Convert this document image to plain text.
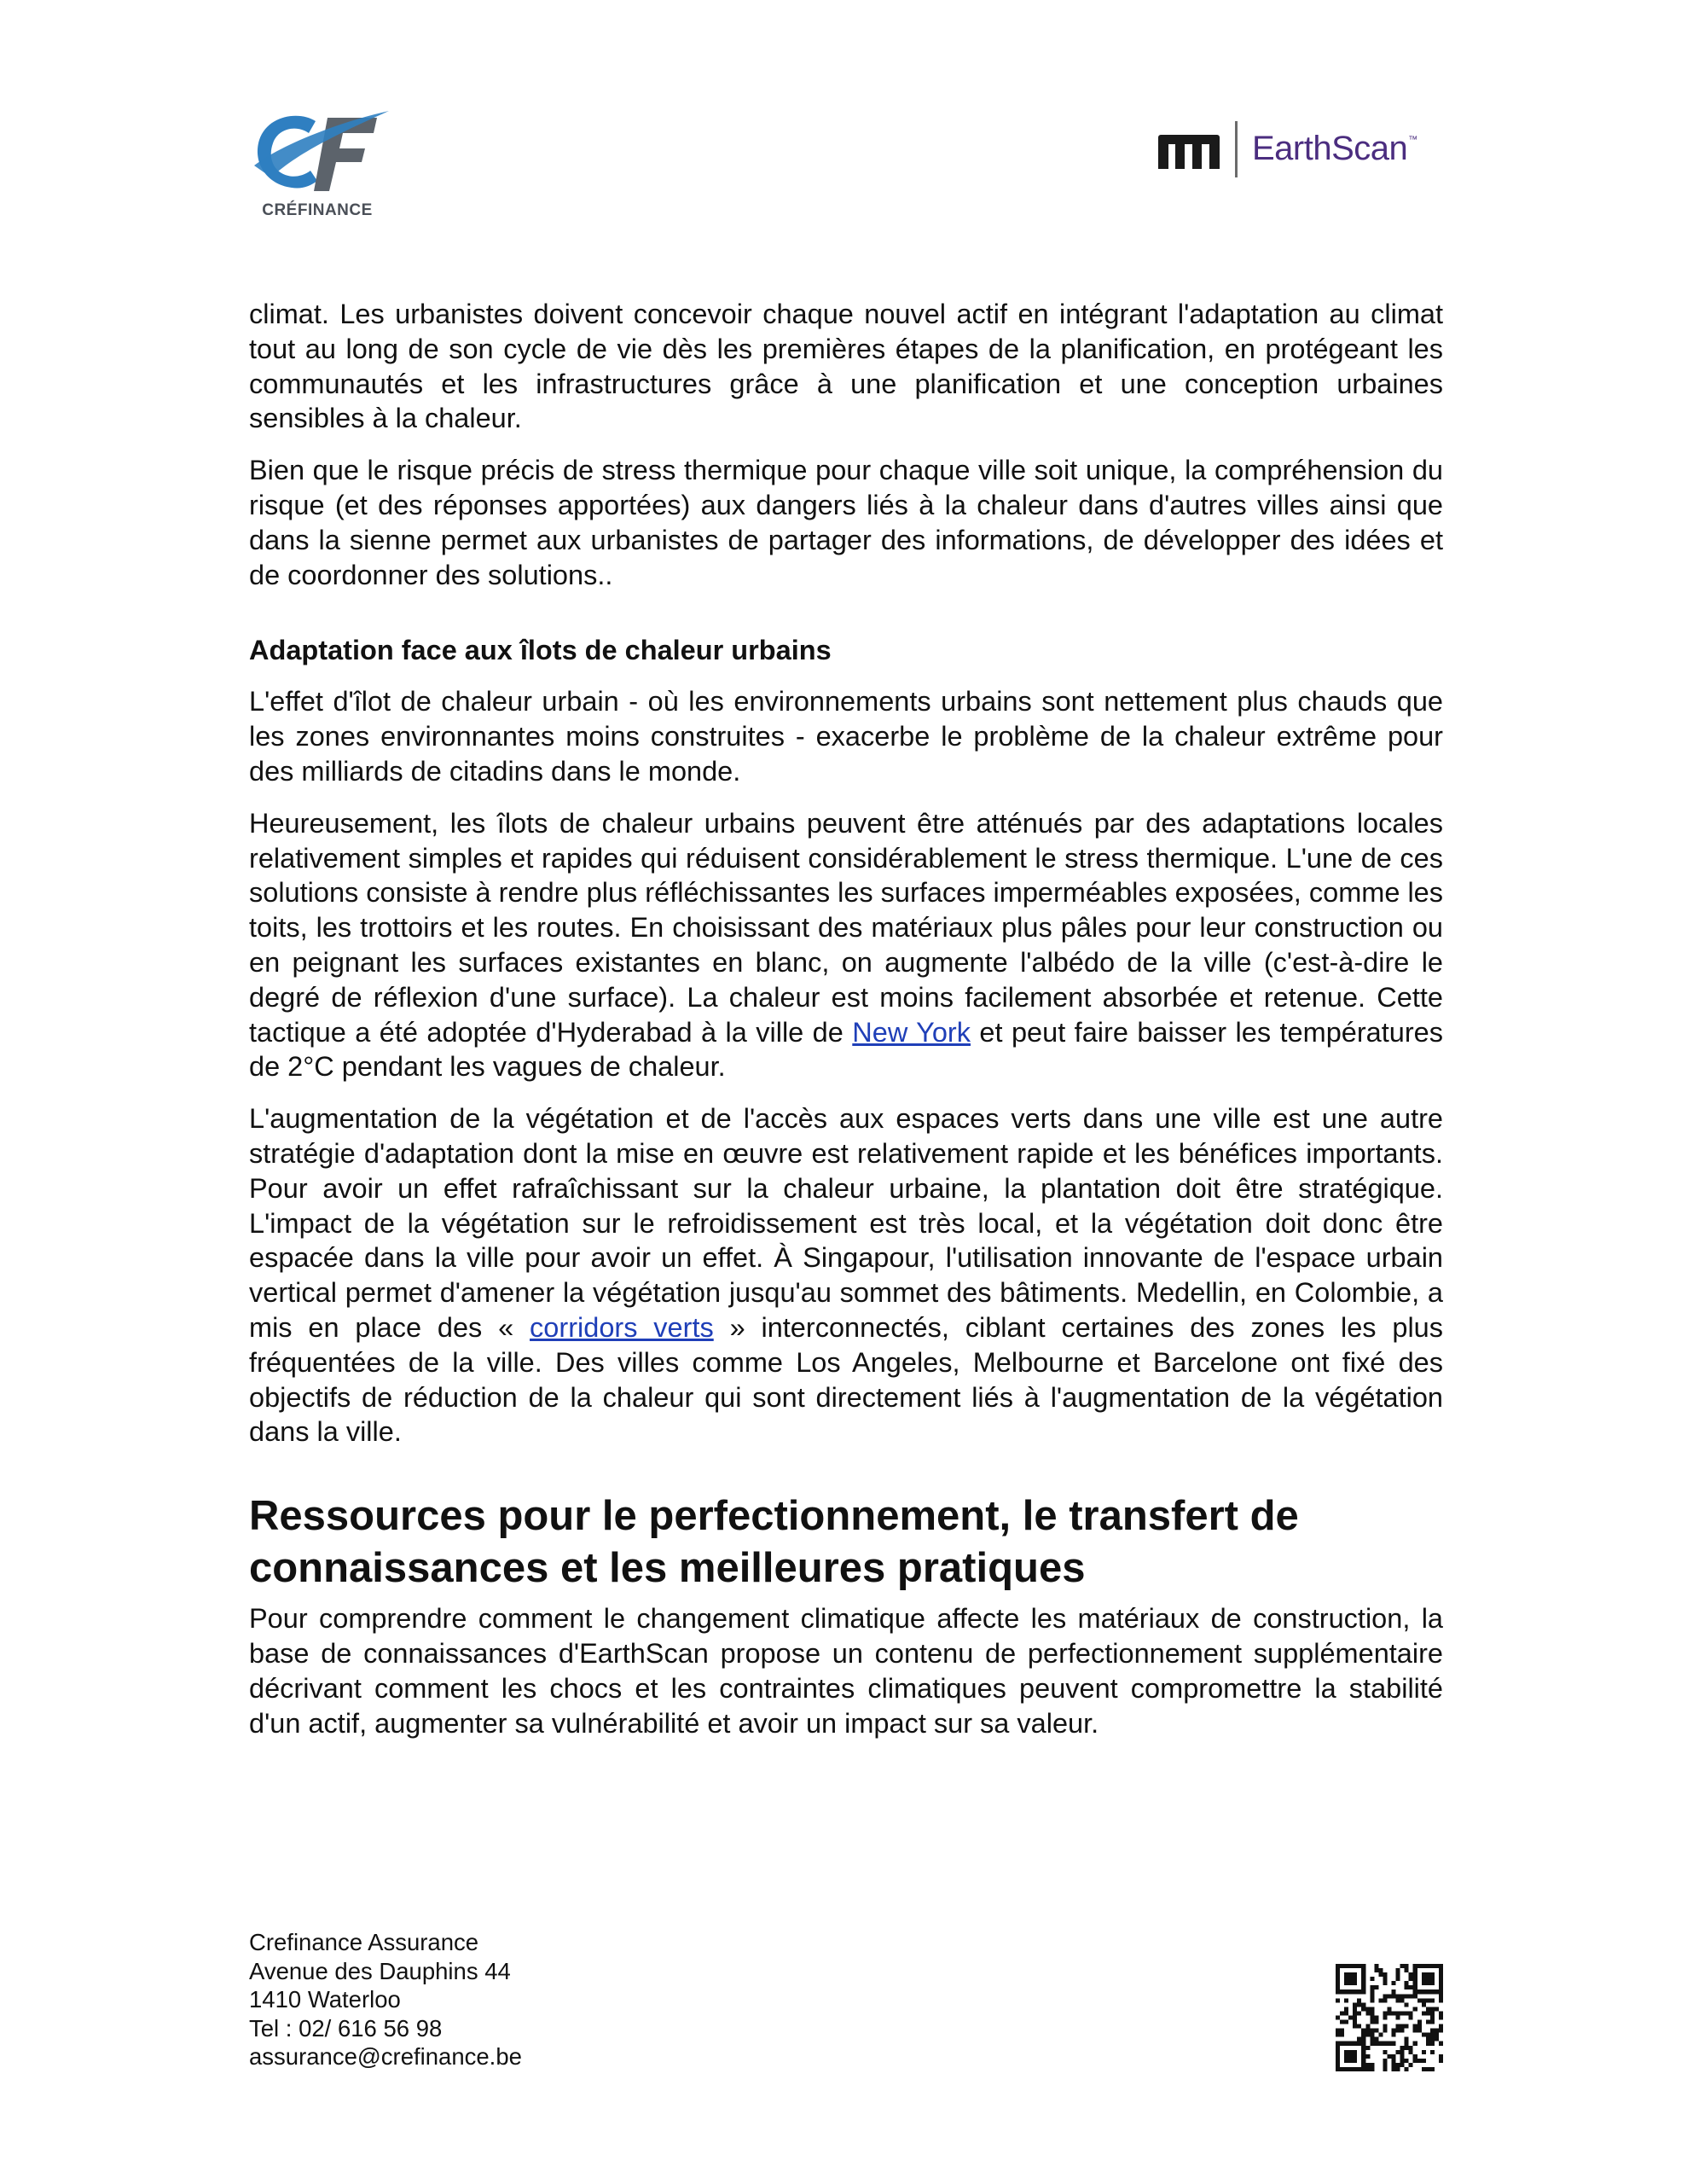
CRÉFINANCE
EarthScan™

climat. Les urbanistes doivent concevoir chaque nouvel actif en intégrant l'adaptation au climat tout au long de son cycle de vie dès les premières étapes de la planification, en protégeant les communautés et les infrastructures grâce à une planification et une conception urbaines sensibles à la chaleur.

Bien que le risque précis de stress thermique pour chaque ville soit unique, la compréhension du risque (et des réponses apportées) aux dangers liés à la chaleur dans d'autres villes ainsi que dans la sienne permet aux urbanistes de partager des informations, de développer des idées et de coordonner des solutions..

Adaptation face aux îlots de chaleur urbains

L'effet d'îlot de chaleur urbain - où les environnements urbains sont nettement plus chauds que les zones environnantes moins construites - exacerbe le problème de la chaleur extrême pour des milliards de citadins dans le monde.

Heureusement, les îlots de chaleur urbains peuvent être atténués par des adaptations locales relativement simples et rapides qui réduisent considérablement le stress thermique. L'une de ces solutions consiste à rendre plus réfléchissantes les surfaces imperméables exposées, comme les toits, les trottoirs et les routes. En choisissant des matériaux plus pâles pour leur construction ou en peignant les surfaces existantes en blanc, on augmente l'albédo de la ville (c'est-à-dire le degré de réflexion d'une surface). La chaleur est moins facilement absorbée et retenue. Cette tactique a été adoptée d'Hyderabad à la ville de New York et peut faire baisser les températures de 2°C pendant les vagues de chaleur.

L'augmentation de la végétation et de l'accès aux espaces verts dans une ville est une autre stratégie d'adaptation dont la mise en œuvre est relativement rapide et les bénéfices importants. Pour avoir un effet rafraîchissant sur la chaleur urbaine, la plantation doit être stratégique. L'impact de la végétation sur le refroidissement est très local, et la végétation doit donc être espacée dans la ville pour avoir un effet. À Singapour, l'utilisation innovante de l'espace urbain vertical permet d'amener la végétation jusqu'au sommet des bâtiments. Medellin, en Colombie, a mis en place des « corridors verts » interconnectés, ciblant certaines des zones les plus fréquentées de la ville. Des villes comme Los Angeles, Melbourne et Barcelone ont fixé des objectifs de réduction de la chaleur qui sont directement liés à l'augmentation de la végétation dans la ville.

Ressources pour le perfectionnement, le transfert de connaissances et les meilleures pratiques

Pour comprendre comment le changement climatique affecte les matériaux de construction, la base de connaissances d'EarthScan propose un contenu de perfectionnement supplémentaire décrivant comment les chocs et les contraintes climatiques peuvent compromettre la stabilité d'un actif, augmenter sa vulnérabilité et avoir un impact sur sa valeur.

Crefinance Assurance
Avenue des Dauphins 44
1410 Waterloo
Tel : 02/ 616 56 98
assurance@crefinance.be
